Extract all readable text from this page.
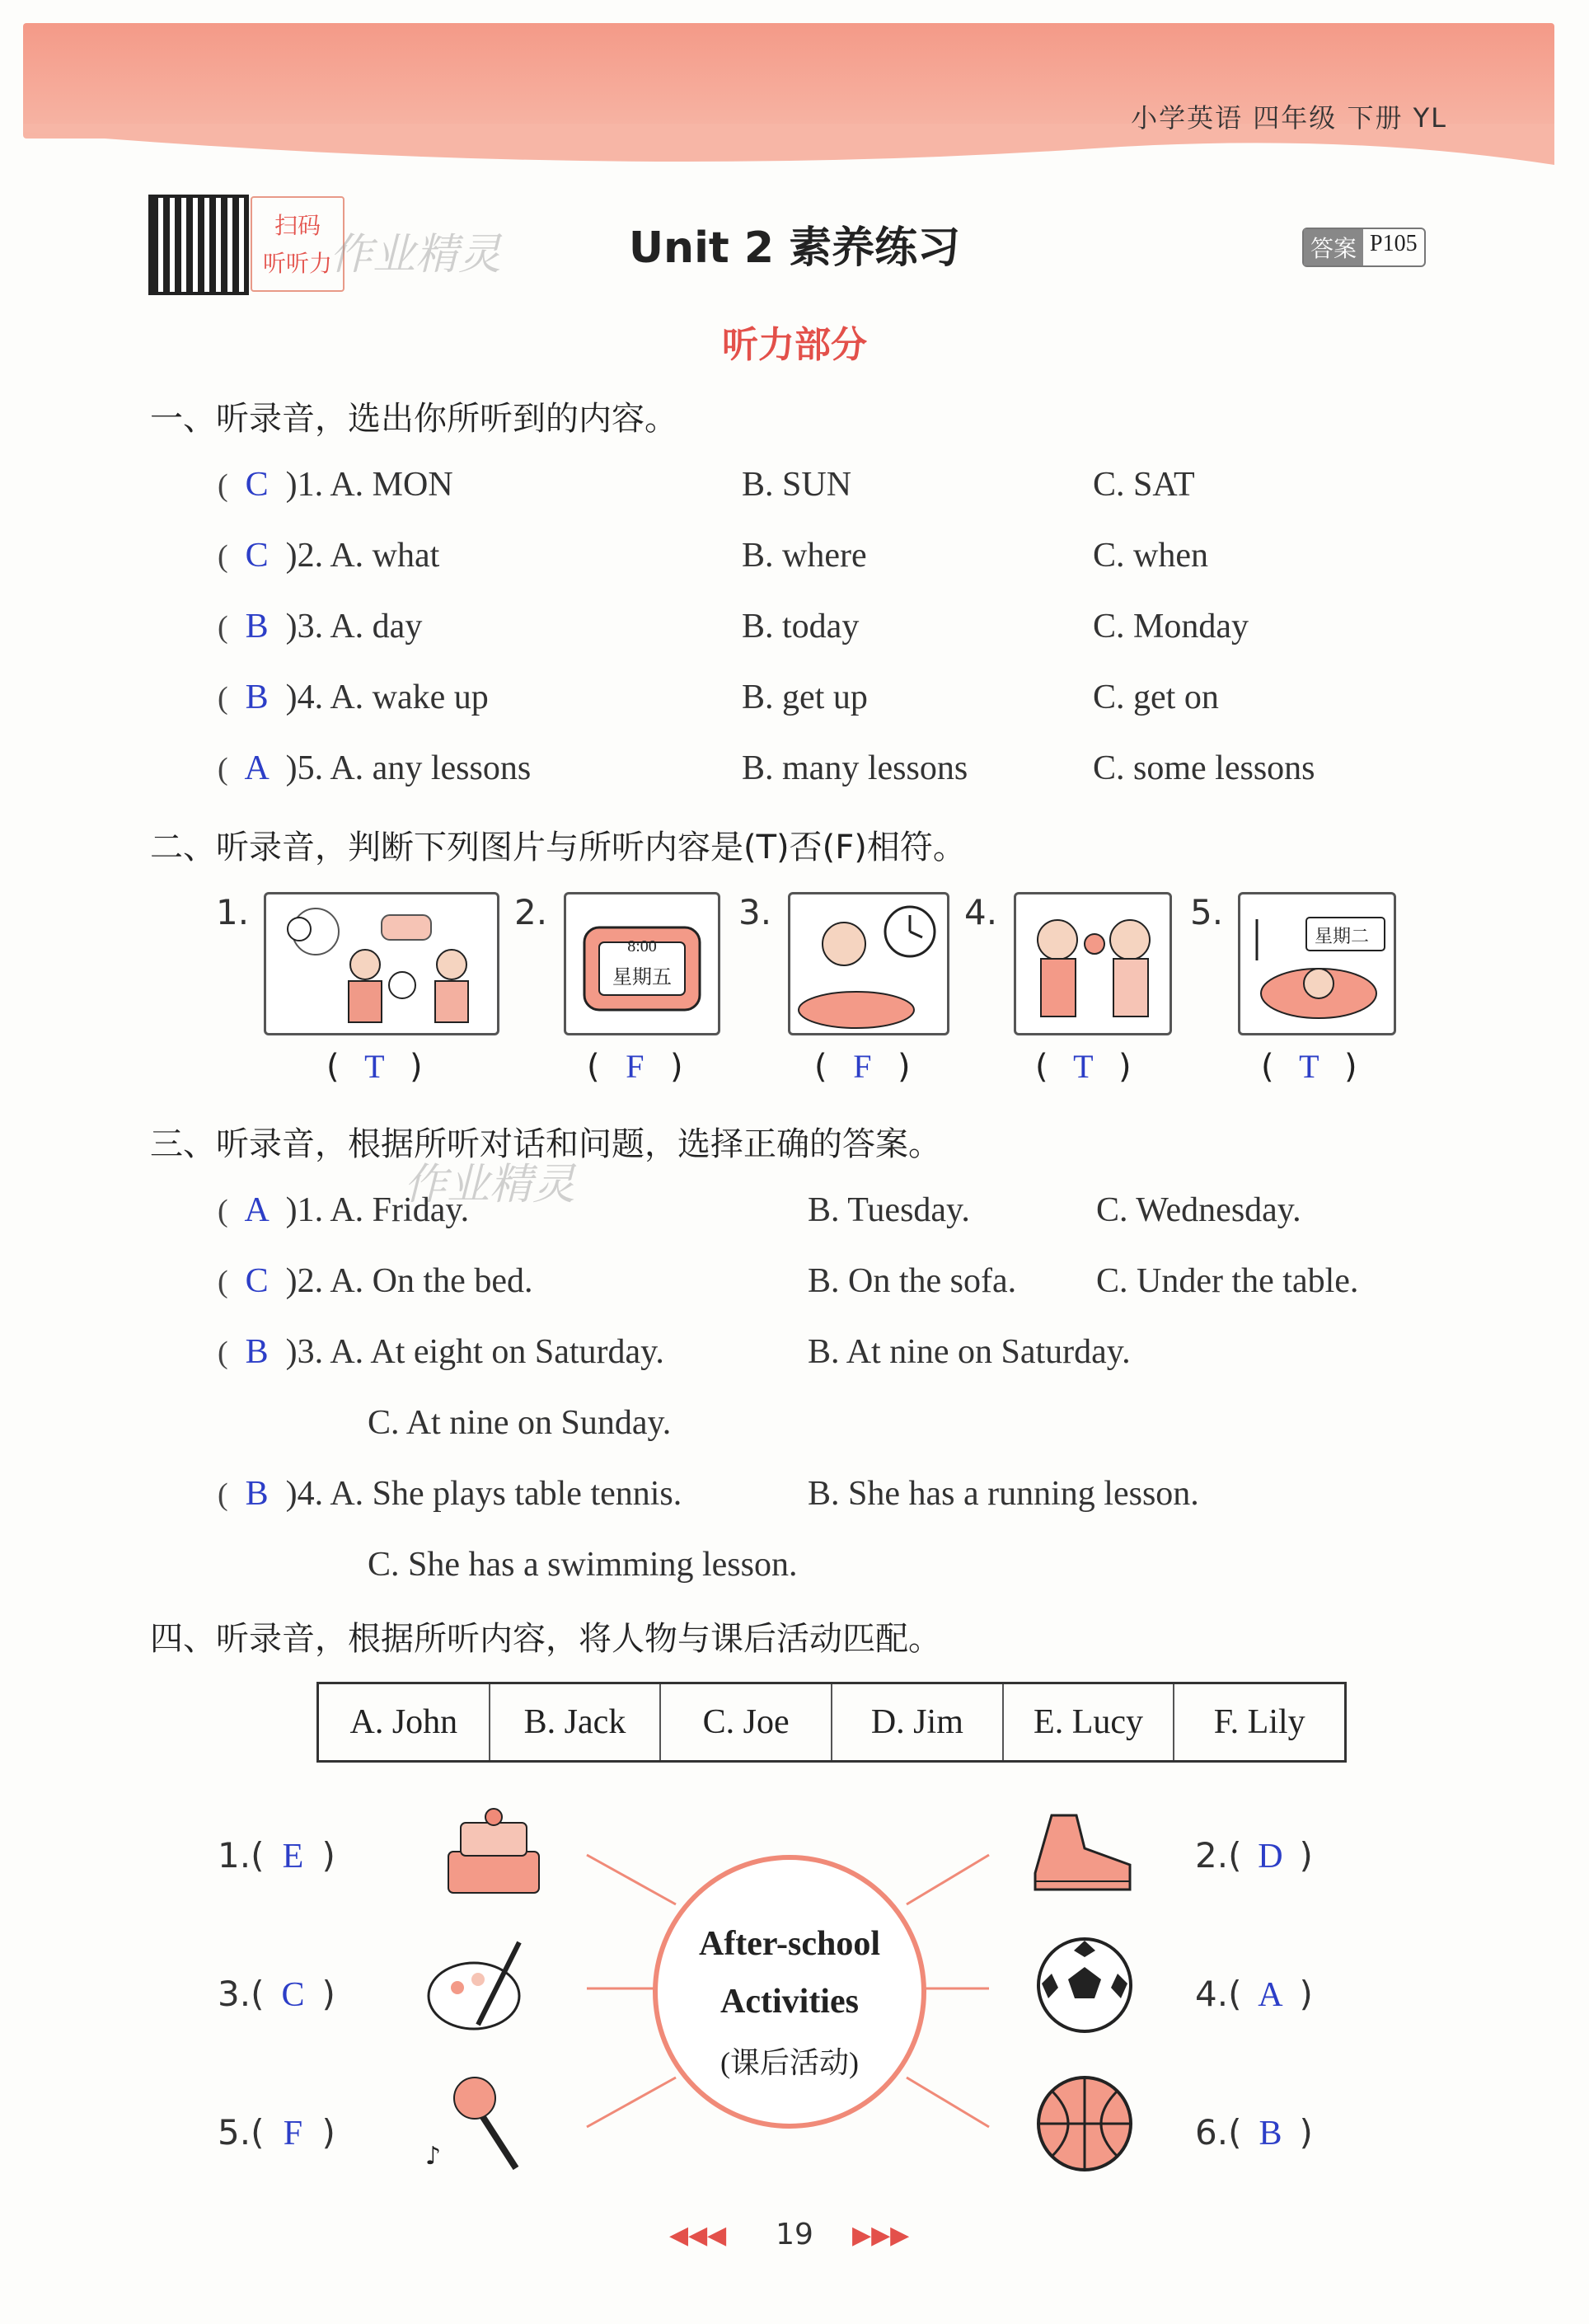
小学英语 四年级 下册 YL
扫码
听听力
作业精灵	Unit 2 素养练习	答案 P105
听力部分
一、听录音，选出你所听到的内容。
( C )1. A. MON	B. SUN	C. SAT
( C )2. A. what	B. where	C. when
( B )3. A. day	B. today	C. Monday
( B )4. A. wake up	B. get up	C. get on
( A )5. A. any lessons	B. many lessons	C. some lessons
二、听录音，判断下列图片与所听内容是(T)否(F)相符。
1.
( T )
2.
8:00
星期五
( F )
3.
( F )
4.
( T )
5.
星期二
( T )
三、听录音，根据所听对话和问题，选择正确的答案。
作业精灵
( A )1. A. Friday.	B. Tuesday.	C. Wednesday.
( C )2. A. On the bed.	B. On the sofa. C. Under the table.
( B )3. A. At eight on Saturday.	B. At nine on Saturday.
C. At nine on Sunday.
( B )4. A. She plays table tennis.	B. She has a running lesson.
C. She has a swimming lesson.
四、听录音，根据所听内容，将人物与课后活动匹配。
A. John	B. Jack	C. Joe	D. Jim	E. Lucy	F. Lily
After-school
Activities
(课后活动)
1.( E )
3.( C )
5.( F )
♪
2.( D )
4.( A )
6.( B )
◀◀◀	19	▶▶▶
